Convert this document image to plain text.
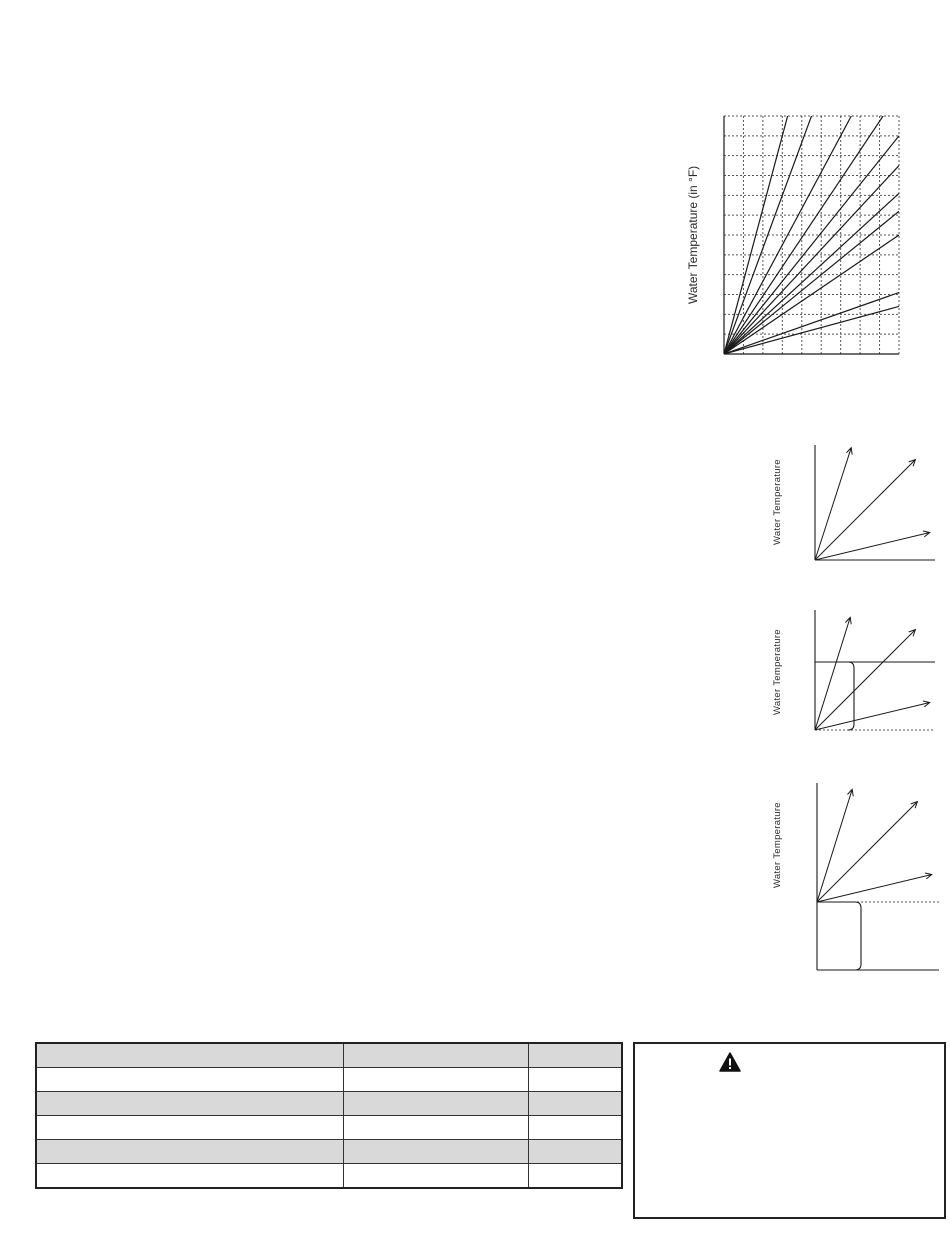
Water Temperature (in °F)
Water Temperature
Water Temperature
Water Temperature
